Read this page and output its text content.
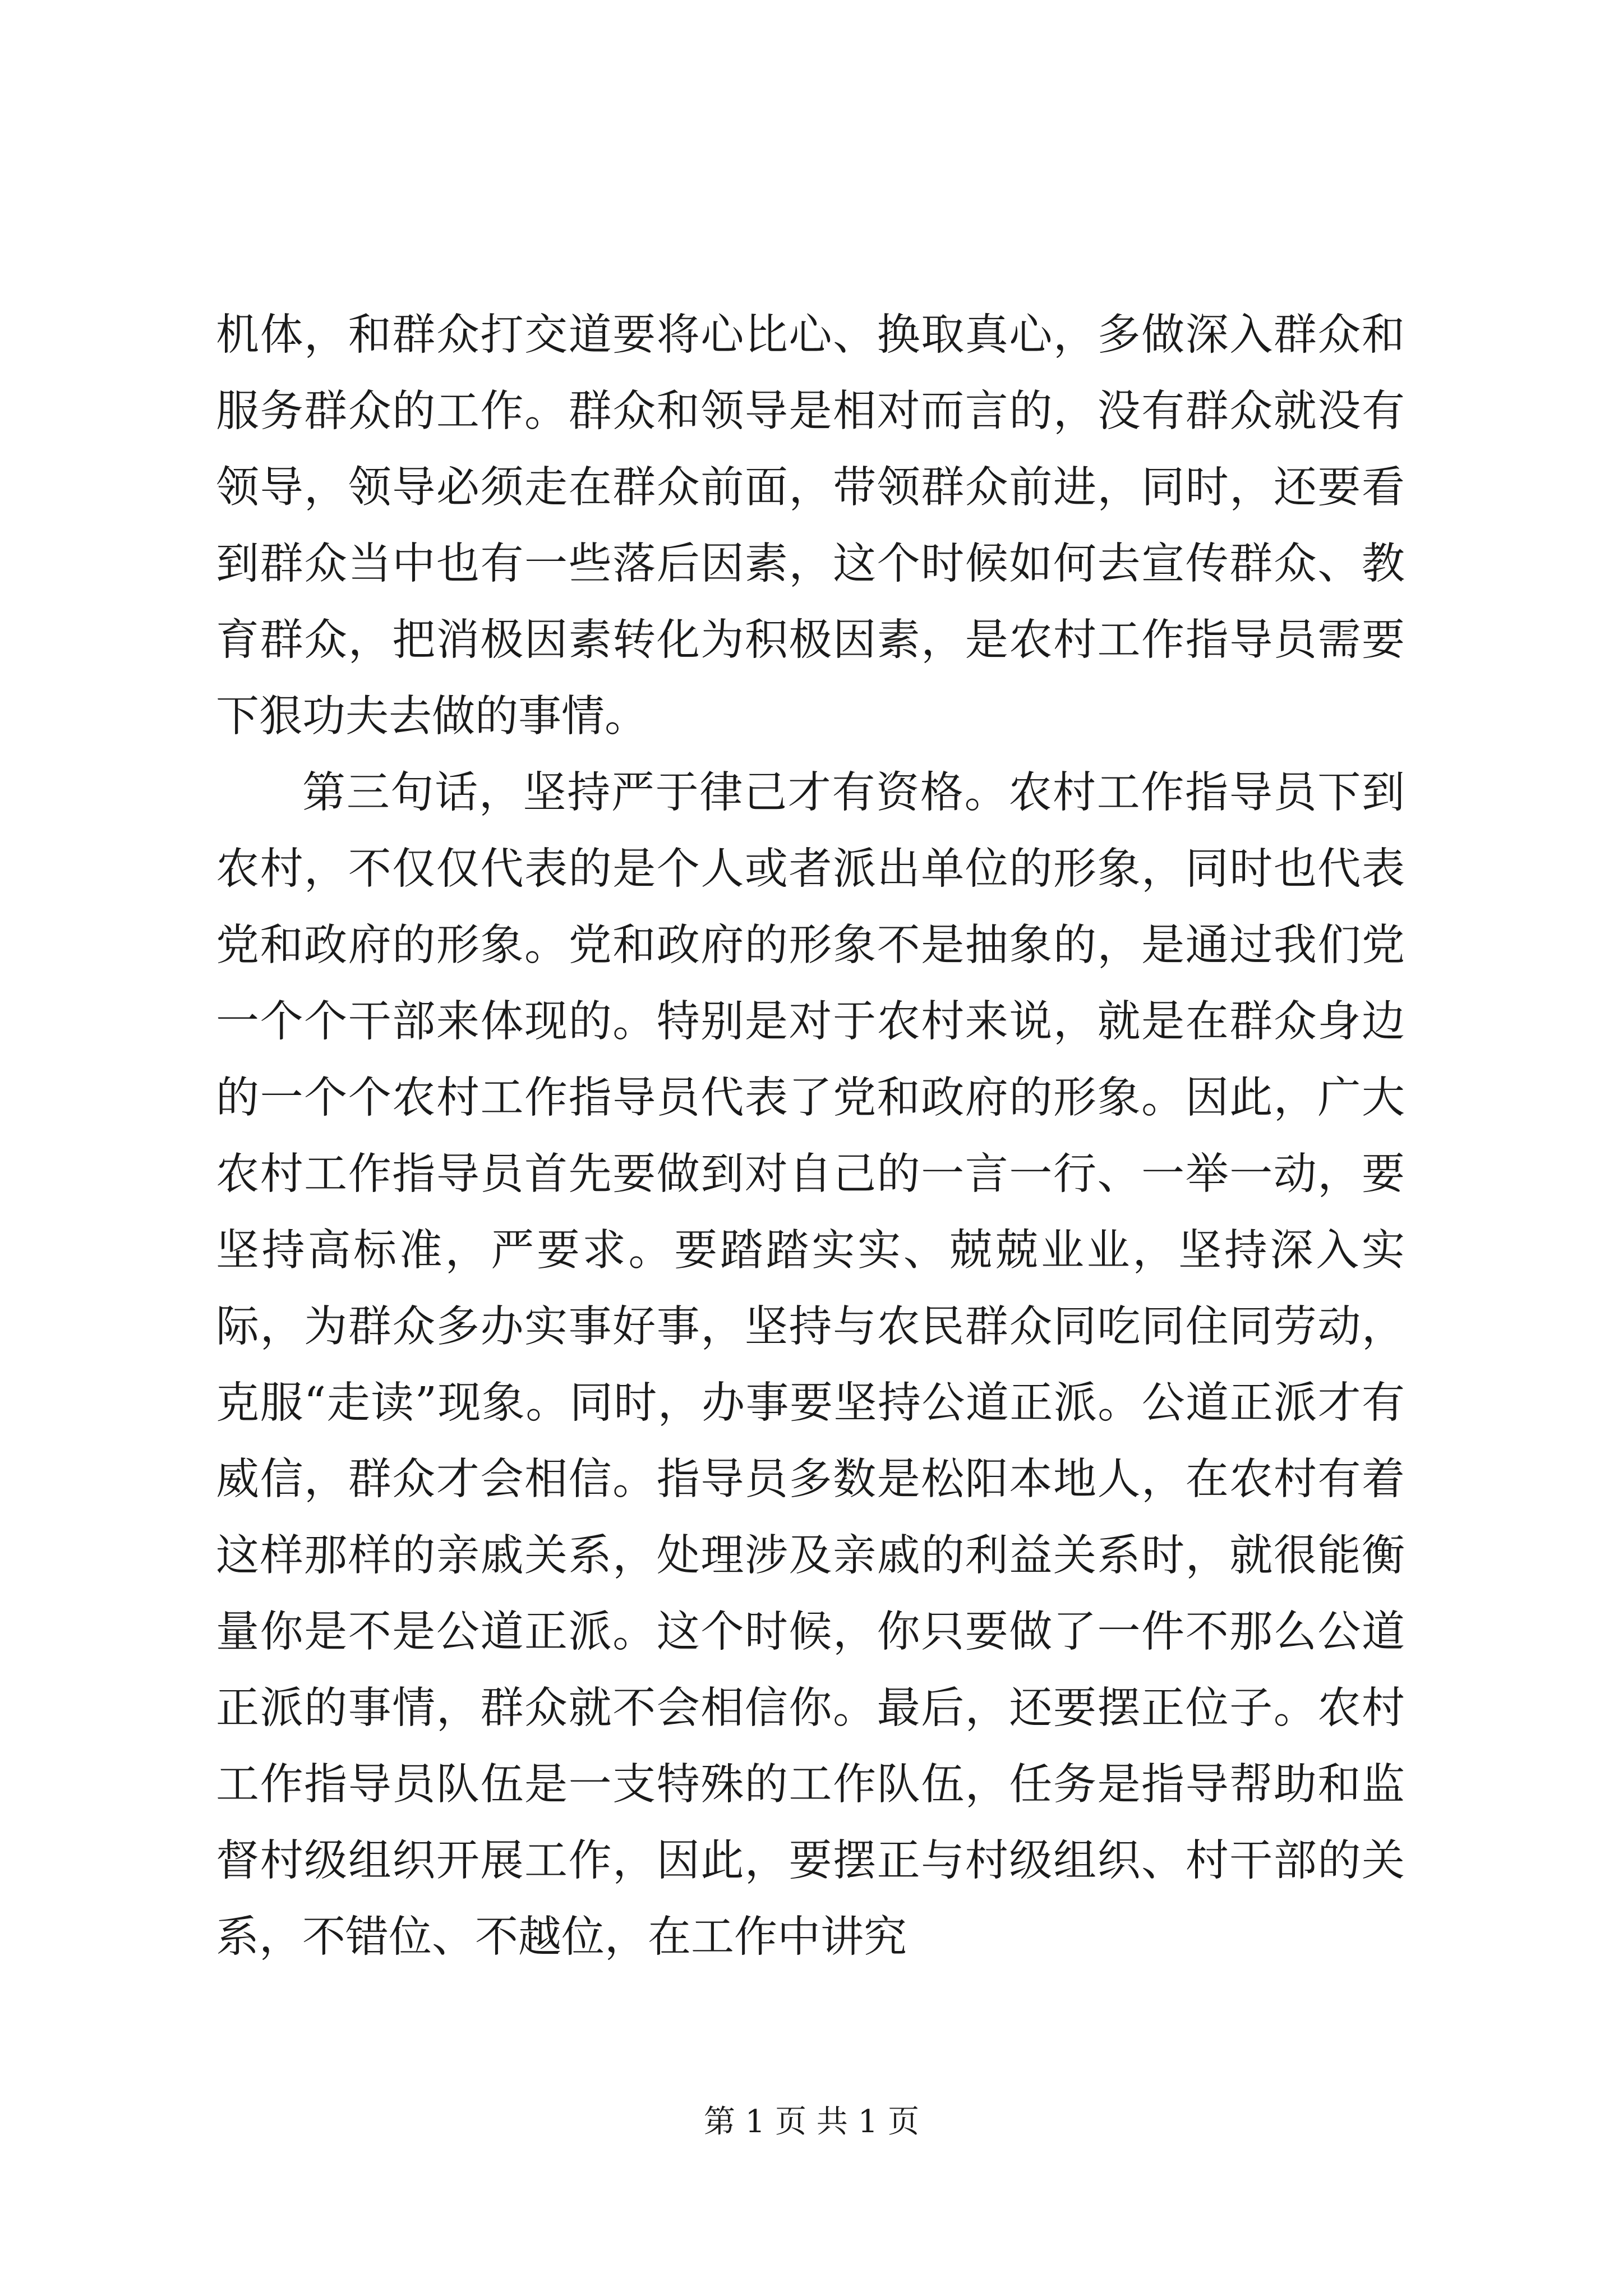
机体，和群众打交道要将心比心、换取真心，多做深入群众和服务群众的工作。群众和领导是相对而言的，没有群众就没有领导，领导必须走在群众前面，带领群众前进，同时，还要看到群众当中也有一些落后因素，这个时候如何去宣传群众、教育群众，把消极因素转化为积极因素，是农村工作指导员需要下狠功夫去做的事情。

第三句话，坚持严于律己才有资格。农村工作指导员下到农村，不仅仅代表的是个人或者派出单位的形象，同时也代表党和政府的形象。党和政府的形象不是抽象的，是通过我们党一个个干部来体现的。特别是对于农村来说，就是在群众身边的一个个农村工作指导员代表了党和政府的形象。因此，广大农村工作指导员首先要做到对自己的一言一行、一举一动，要坚持高标准，严要求。要踏踏实实、兢兢业业，坚持深入实际，为群众多办实事好事，坚持与农民群众同吃同住同劳动，克服“走读”现象。同时，办事要坚持公道正派。公道正派才有威信，群众才会相信。指导员多数是松阳本地人，在农村有着这样那样的亲戚关系，处理涉及亲戚的利益关系时，就很能衡量你是不是公道正派。这个时候，你只要做了一件不那么公道正派的事情，群众就不会相信你。最后，还要摆正位子。农村工作指导员队伍是一支特殊的工作队伍，任务是指导帮助和监督村级组织开展工作，因此，要摆正与村级组织、村干部的关系，不错位、不越位，在工作中讲究

第 1 页 共 1 页
